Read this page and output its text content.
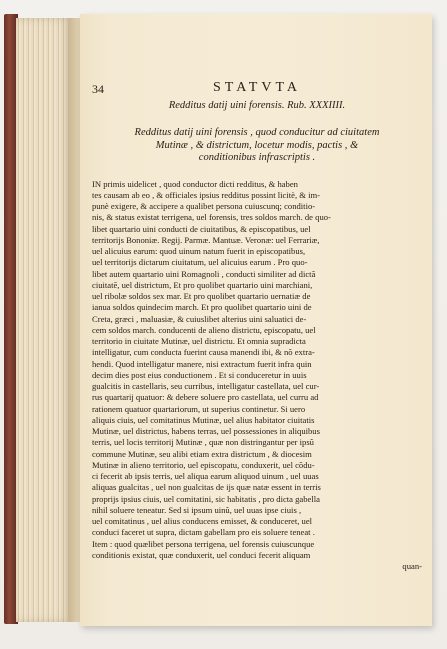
34	STATVTA
Redditus datij uini forensis. Rub. XXXIIII.
Redditus datij uini forensis , quod conducitur ad ciuitatem
Mutinæ , & districtum, locetur modis, pactis , &
conditionibus infrascriptis .
IN primis uidelicet , quod conductor dicti redditus, & haben
tes causam ab eo , & officiales ipsius redditus possint licitè, & im-
punè exigere, & accipere a qualibet persona cuiuscunq; conditio-
nis, & status existat terrigena, uel forensis, tres soldos march. de quo-
libet quartario uini conducti de ciuitatibus, & episcopatibus, uel
territorijs Bononiæ. Regij. Parmæ. Mantuæ. Veronæ: uel Ferrariæ,
uel alicuius earum: quod uinum natum fuerit in episcopatibus,
uel territorijs dictarum ciuitatum, uel alicuius earum . Pro quo-
libet autem quartario uini Romagnoli , conducti similiter ad dictã
ciuitatē, uel districtum, Et pro quolibet quartario uini marchiani,
uel ribolæ soldos sex mar. Et pro quolibet quartario uernatiæ de
ianua soldos quindecim march. Et pro quolibet quartario uini de
Creta, græci , maluasiæ, & cuiuslibet alterius uini saluatici de-
cem soldos march. conducenti de alieno districtu, episcopatu, uel
territorio in ciuitate Mutinæ, uel districtu. Et omnia supradicta
intelligatur, cum conducta fuerint causa manendi ibi, & nõ extra-
hendi. Quod intelligatur manere, nisi extractum fuerit infra quin
decim dies post eius conductionem . Et si conduceretur in uuis
gualcitis in castellaris, seu curribus, intelligatur castellata, uel cur-
rus quartarij quatuor: & debere soluere pro castellata, uel curru ad
rationem quatuor quartariorum, ut superius continetur. Si uero
aliquis ciuis, uel comitatinus Mutinæ, uel alius habitator ciuitatis
Mutinæ, uel districtus, habens terras, uel possessiones in aliquibus
terris, uel locis territorij Mutinæ , quæ non distringantur per ipsũ
commune Mutinæ, seu alibi etiam extra districtum , & diocesim
Mutinæ in alieno territorio, uel episcopatu, conduxerit, uel cõdu-
ci fecerit ab ipsis terris, uel aliqua earum aliquod uinum , uel uuas
aliquas gualcitas , uel non gualcitas de ijs quæ natæ essent in terris
proprijs ipsius ciuis, uel comitatini, sic habitatis , pro dicta gabella
nihil soluere teneatur. Sed si ipsum uinũ, uel uuas ipse ciuis ,
uel comitatinus , uel alius conducens emisset, & conduceret, uel
conduci faceret ut supra, dictam gabellam pro eis soluere teneat .
Item : quod quælibet persona terrigena, uel forensis cuiuscunque
conditionis existat, quæ conduxerit, uel conduci fecerit aliquam
quan-
